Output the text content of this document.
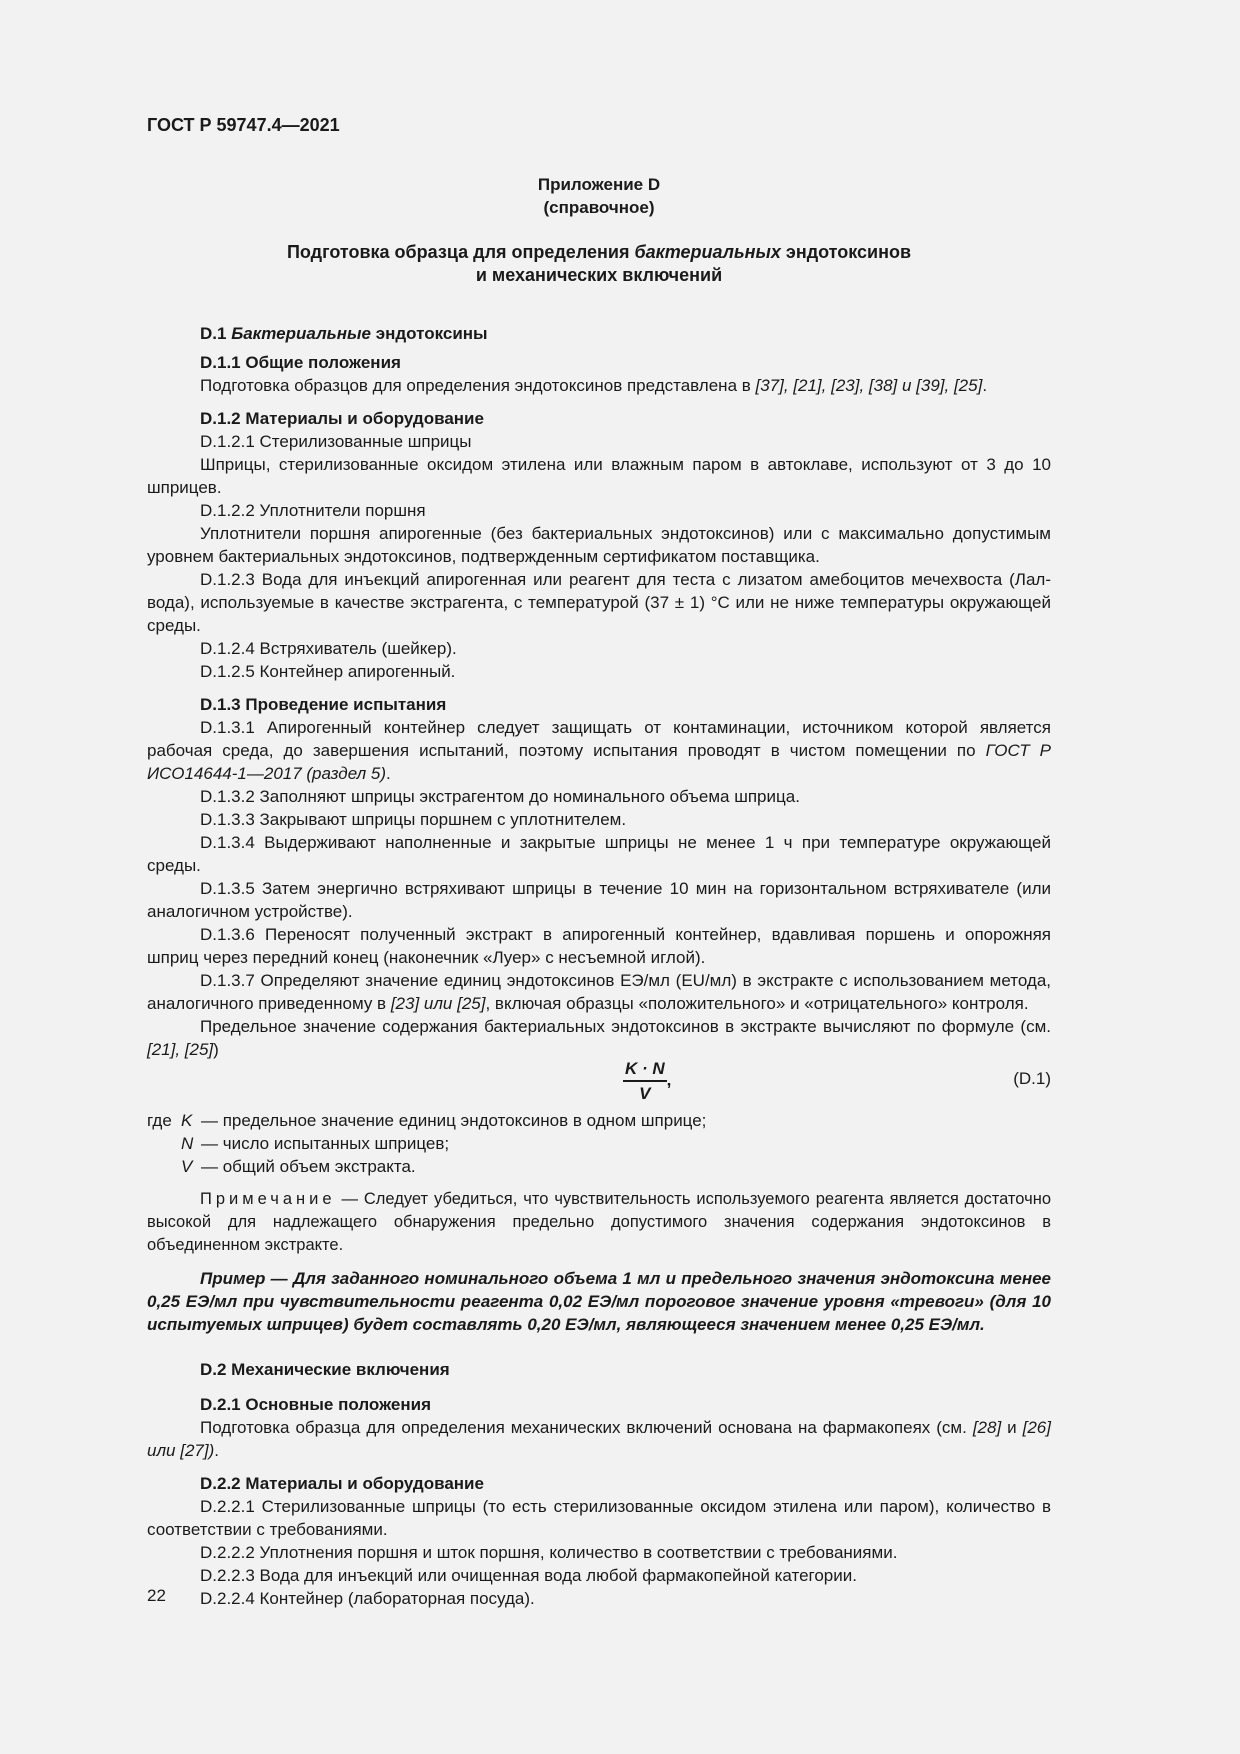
ГОСТ Р 59747.4—2021
Приложение D
(справочное)
Подготовка образца для определения бактериальных эндотоксинов
и механических включений
D.1 Бактериальные эндотоксины
D.1.1 Общие положения

Подготовка образцов для определения эндотоксинов представлена в [37], [21], [23], [38] и [39], [25].

D.1.2 Материалы и оборудование

D.1.2.1 Стерилизованные шприцы

Шприцы, стерилизованные оксидом этилена или влажным паром в автоклаве, используют от 3 до 10 шприцев.

D.1.2.2 Уплотнители поршня

Уплотнители поршня апирогенные (без бактериальных эндотоксинов) или с максимально допустимым уровнем бактериальных эндотоксинов, подтвержденным сертификатом поставщика.

D.1.2.3 Вода для инъекций апирогенная или реагент для теста с лизатом амебоцитов мечехвоста (Лал-вода), используемые в качестве экстрагента, с температурой (37 ± 1) °С или не ниже температуры окружающей среды.

D.1.2.4 Встряхиватель (шейкер).

D.1.2.5 Контейнер апирогенный.

D.1.3 Проведение испытания

D.1.3.1 Апирогенный контейнер следует защищать от контаминации, источником которой является рабочая среда, до завершения испытаний, поэтому испытания проводят в чистом помещении по ГОСТ Р ИСО14644-1—2017 (раздел 5).

D.1.3.2 Заполняют шприцы экстрагентом до номинального объема шприца.

D.1.3.3 Закрывают шприцы поршнем с уплотнителем.

D.1.3.4 Выдерживают наполненные и закрытые шприцы не менее 1 ч при температуре окружающей среды.

D.1.3.5 Затем энергично встряхивают шприцы в течение 10 мин на горизонтальном встряхивателе (или аналогичном устройстве).

D.1.3.6 Переносят полученный экстракт в апирогенный контейнер, вдавливая поршень и опорожняя шприц через передний конец (наконечник «Луер» с несъемной иглой).

D.1.3.7 Определяют значение единиц эндотоксинов ЕЭ/мл (EU/мл) в экстракте с использованием метода, аналогичного приведенному в [23] или [25], включая образцы «положительного» и «отрицательного» контроля.

Предельное значение содержания бактериальных эндотоксинов в экстракте вычисляют по формуле (см. [21], [25])

$\frac{K \cdot N}{V}$ ,	(D.1)
где	K	— предельное значение единиц эндотоксинов в одном шприце;
	N	— число испытанных шприцев;
	V	— общий объем экстракта.

Примечание — Следует убедиться, что чувствительность используемого реагента является достаточно высокой для надлежащего обнаружения предельно допустимого значения содержания эндотоксинов в объединенном экстракте.

Пример — Для заданного номинального объема 1 мл и предельного значения эндотоксина менее 0,25 ЕЭ/мл при чувствительности реагента 0,02 ЕЭ/мл пороговое значение уровня «тревоги» (для 10 испытуемых шприцев) будет составлять 0,20 ЕЭ/мл, являющееся значением менее 0,25 ЕЭ/мл.

D.2 Механические включения
D.2.1 Основные положения

Подготовка образца для определения механических включений основана на фармакопеях (см. [28] и [26] или [27]).

D.2.2 Материалы и оборудование

D.2.2.1 Стерилизованные шприцы (то есть стерилизованные оксидом этилена или паром), количество в соответствии с требованиями.

D.2.2.2 Уплотнения поршня и шток поршня, количество в соответствии с требованиями.

D.2.2.3 Вода для инъекций или очищенная вода любой фармакопейной категории.

D.2.2.4 Контейнер (лабораторная посуда).

22
